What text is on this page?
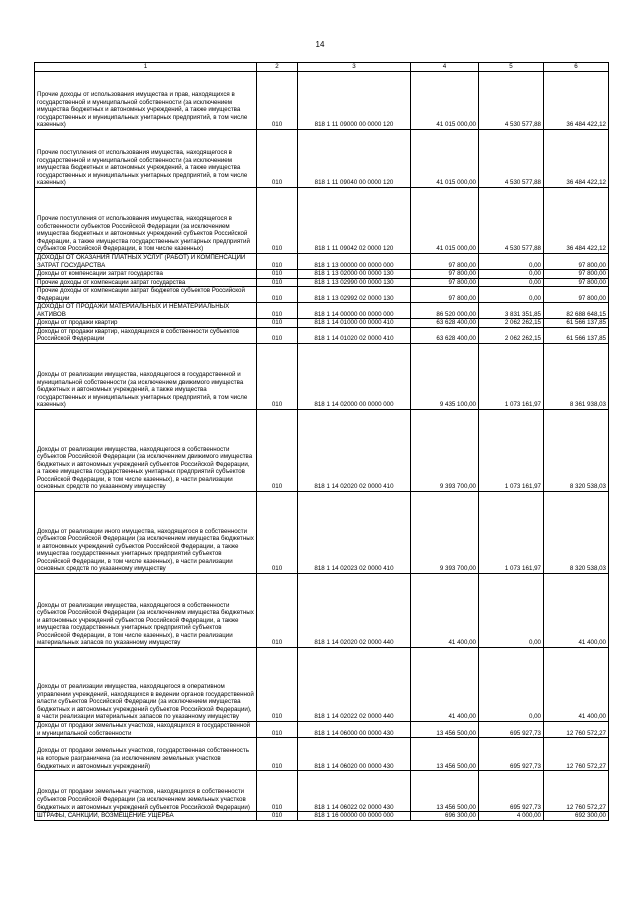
14
1	2	3	4	5	6
Прочие доходы от использования имущества и прав, находящихся в государственной и муниципальной собственности (за исключением имущества бюджетных и автономных учреждений, а также имущества государственных и муниципальных унитарных предприятий, в том числе казенных)	010	818 1 11 09000 00 0000 120	41 015 000,00	4 530 577,88	36 484 422,12
Прочие поступления от использования имущества, находящегося в государственной и муниципальной собственности (за исключением имущества бюджетных и автономных учреждений, а также имущества государственных и муниципальных унитарных предприятий, в том числе казенных)	010	818 1 11 09040 00 0000 120	41 015 000,00	4 530 577,88	36 484 422,12
Прочие поступления от использования имущества, находящегося в собственности субъектов Российской Федерации (за исключением имущества бюджетных и автономных учреждений субъектов Российской Федерации, а также имущества государственных унитарных предприятий субъектов Российской Федерации, в том числе казенных)	010	818 1 11 09042 02 0000 120	41 015 000,00	4 530 577,88	36 484 422,12
ДОХОДЫ ОТ ОКАЗАНИЯ ПЛАТНЫХ УСЛУГ (РАБОТ) И КОМПЕНСАЦИИ ЗАТРАТ ГОСУДАРСТВА	010	818 1 13 00000 00 0000 000	97 800,00	0,00	97 800,00
Доходы от компенсации затрат государства	010	818 1 13 02000 00 0000 130	97 800,00	0,00	97 800,00
Прочие доходы от компенсации затрат государства	010	818 1 13 02990 00 0000 130	97 800,00	0,00	97 800,00
Прочие доходы от компенсации затрат бюджетов субъектов Российской Федерации	010	818 1 13 02992 02 0000 130	97 800,00	0,00	97 800,00
ДОХОДЫ ОТ ПРОДАЖИ МАТЕРИАЛЬНЫХ И НЕМАТЕРИАЛЬНЫХ АКТИВОВ	010	818 1 14 00000 00 0000 000	86 520 000,00	3 831 351,85	82 688 648,15
Доходы от продажи квартир	010	818 1 14 01000 00 0000 410	63 628 400,00	2 062 262,15	61 566 137,85
Доходы от продажи квартир, находящихся в собственности субъектов Российской Федерации	010	818 1 14 01020 02 0000 410	63 628 400,00	2 062 262,15	61 566 137,85
Доходы от реализации имущества, находящегося в государственной и муниципальной собственности (за исключением движимого имущества бюджетных и автономных учреждений, а также имущества государственных и муниципальных унитарных предприятий, в том числе казенных)	010	818 1 14 02000 00 0000 000	9 435 100,00	1 073 161,97	8 361 938,03
Доходы от реализации имущества, находящегося в собственности субъектов Российской Федерации (за исключением движимого имущества бюджетных и автономных учреждений субъектов Российской Федерации, а также имущества государственных унитарных предприятий субъектов Российской Федерации, в том числе казенных), в части реализации основных средств по указанному имуществу	010	818 1 14 02020 02 0000 410	9 393 700,00	1 073 161,97	8 320 538,03
Доходы от реализации иного имущества, находящегося в собственности субъектов Российской Федерации (за исключением имущества бюджетных и автономных учреждений субъектов Российской Федерации, а также имущества государственных унитарных предприятий субъектов Российской Федерации, в том числе казенных), в части реализации основных средств по указанному имуществу	010	818 1 14 02023 02 0000 410	9 393 700,00	1 073 161,97	8 320 538,03
Доходы от реализации имущества, находящегося в собственности субъектов Российской Федерации (за исключением имущества бюджетных и автономных учреждений субъектов Российской Федерации, а также имущества государственных унитарных предприятий субъектов Российской Федерации, в том числе казенных), в части реализации материальных запасов по указанному имуществу	010	818 1 14 02020 02 0000 440	41 400,00	0,00	41 400,00
Доходы от реализации имущества, находящегося в оперативном управлении учреждений, находящихся в ведении органов государственной власти субъектов Российской Федерации (за исключением имущества бюджетных и автономных учреждений субъектов Российской Федерации), в части реализации материальных запасов по указанному имуществу	010	818 1 14 02022 02 0000 440	41 400,00	0,00	41 400,00
Доходы от продажи земельных участков, находящихся в государственной и муниципальной собственности	010	818 1 14 06000 00 0000 430	13 456 500,00	695 927,73	12 760 572,27
Доходы от продажи земельных участков, государственная собственность на которые разграничена (за исключением земельных участков бюджетных и автономных учреждений)	010	818 1 14 06020 00 0000 430	13 456 500,00	695 927,73	12 760 572,27
Доходы от продажи земельных участков, находящихся в собственности субъектов Российской Федерации (за исключением земельных участков бюджетных и автономных учреждений субъектов Российской Федерации)	010	818 1 14 06022 02 0000 430	13 456 500,00	695 927,73	12 760 572,27
ШТРАФЫ, САНКЦИИ, ВОЗМЕЩЕНИЕ УЩЕРБА	010	818 1 16 00000 00 0000 000	696 300,00	4 000,00	692 300,00
